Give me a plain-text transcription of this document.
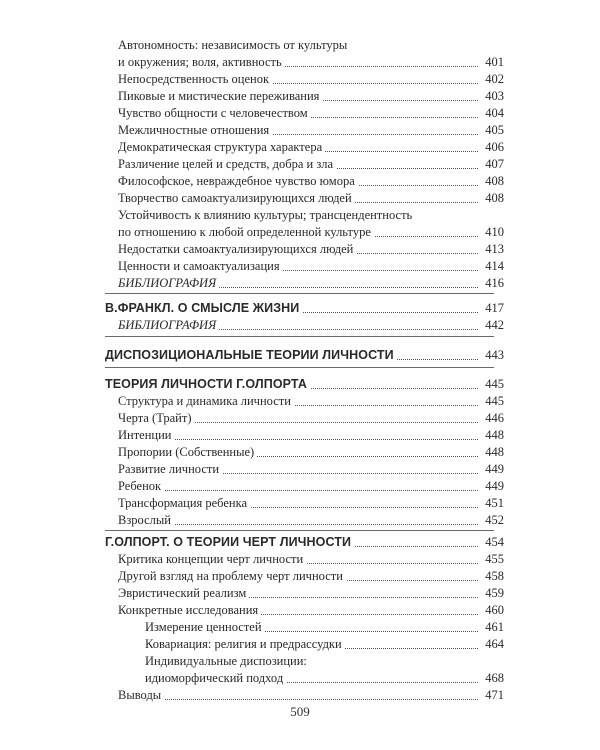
Автономность: независимость от культуры
и окружения; воля, активность	401
Непосредственность оценок	402
Пиковые и мистические переживания	403
Чувство общности с человечеством	404
Межличностные отношения	405
Демократическая структура характера	406
Различение целей и средств, добра и зла	407
Философское, невраждебное чувство юмора	408
Творчество самоактуализирующихся людей	408
Устойчивость к влиянию культуры; трансцендентность
по отношению к любой определенной культуре	410
Недостатки самоактуализирующихся людей	413
Ценности и самоактуализация	414
БИБЛИОГРАФИЯ	416
В.ФРАНКЛ. О СМЫСЛЕ ЖИЗНИ	417
БИБЛИОГРАФИЯ	442
ДИСПОЗИЦИОНАЛЬНЫЕ ТЕОРИИ ЛИЧНОСТИ	443
ТЕОРИЯ ЛИЧНОСТИ Г.ОЛПОРТА	445
Структура и динамика личности	445
Черта (Трайт)	446
Интенции	448
Пропории (Собственные)	448
Развитие личности	449
Ребенок	449
Трансформация ребенка	451
Взрослый	452
Г.ОЛПОРТ. О ТЕОРИИ ЧЕРТ ЛИЧНОСТИ	454
Критика концепции черт личности	455
Другой взгляд на проблему черт личности	458
Эвристический реализм	459
Конкретные исследования	460
Измерение ценностей	461
Ковариация: религия и предрассудки	464
Индивидуальные диспозиции:
идиоморфический подход	468
Выводы	471
509
